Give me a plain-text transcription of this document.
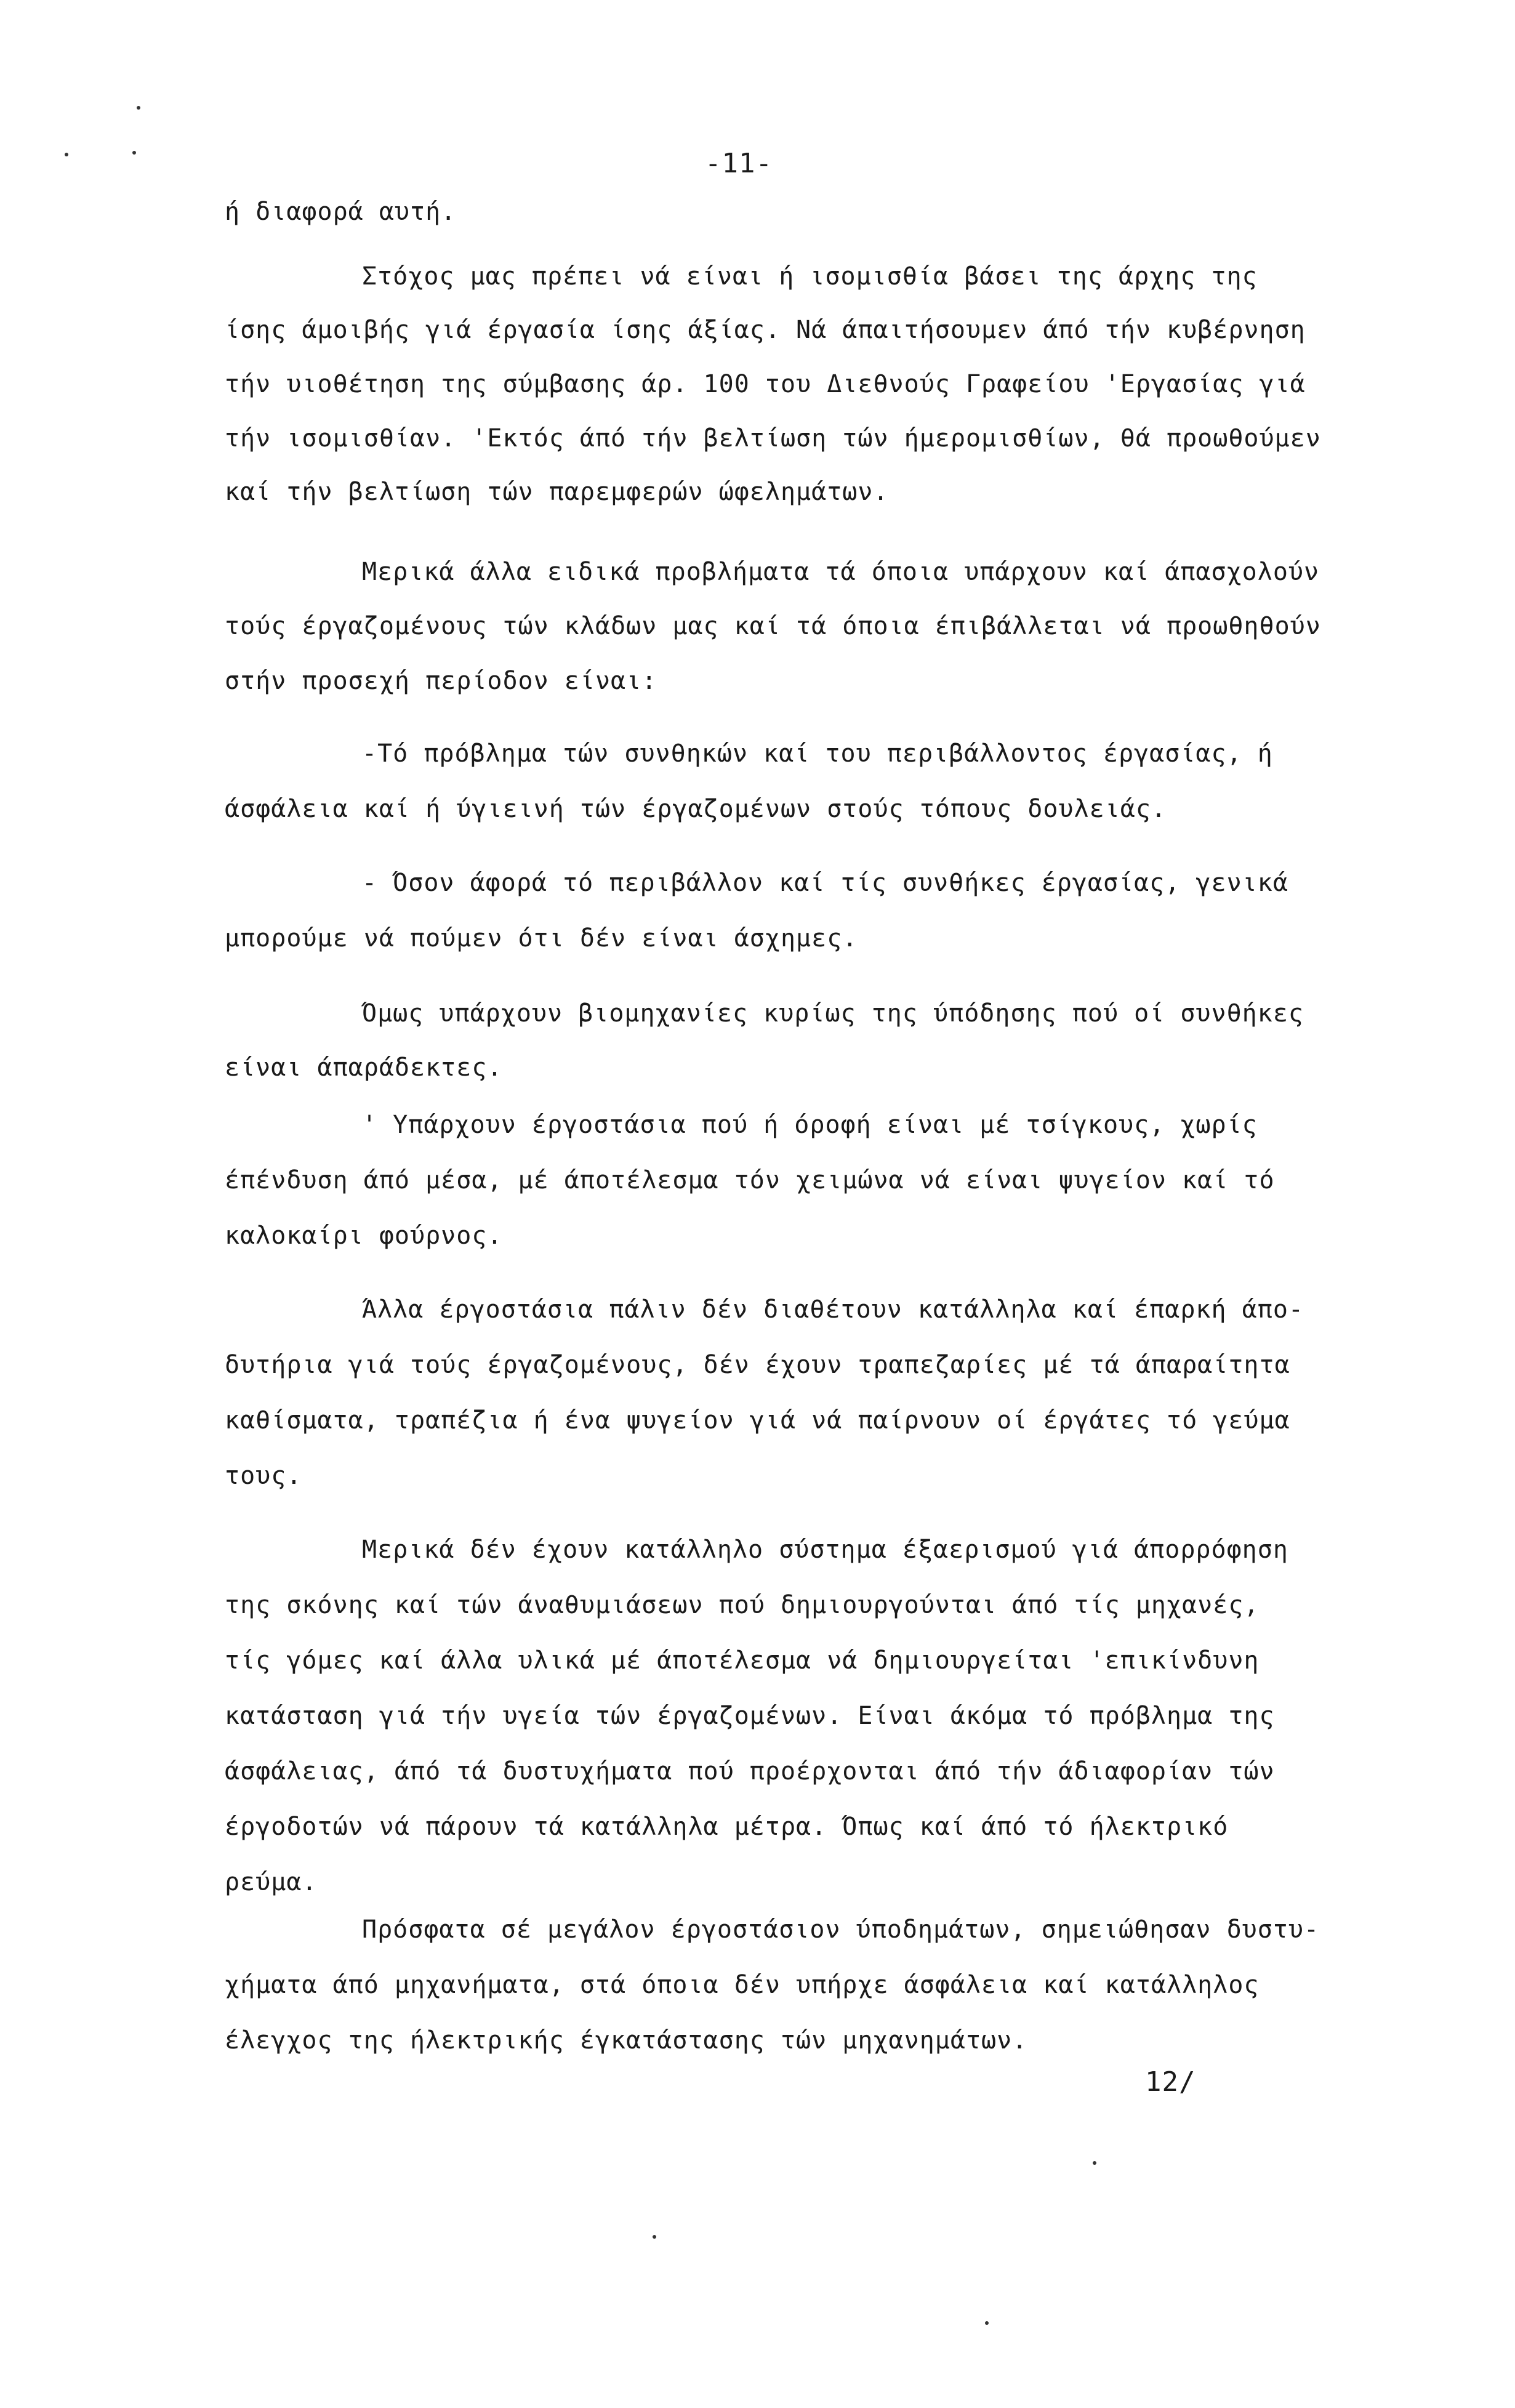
-11-
ή διαφορά αυτή.
Στόχος μας πρέπει νά είναι ή ισομισθία βάσει της άρχης της
ίσης άμοιβής γιά έργασία ίσης άξίας. Νά άπαιτήσουμεν άπό τήν κυβέρνηση
τήν υιοθέτηση της σύμβασης άρ. 100 του Διεθνούς Γραφείου 'Εργασίας γιά
τήν ισομισθίαν. 'Εκτός άπό τήν βελτίωση τών ήμερομισθίων, θά προωθούμεν
καί τήν βελτίωση τών παρεμφερών ώφελημάτων.
Μερικά άλλα ειδικά προβλήματα τά όποια υπάρχουν καί άπασχολούν
τούς έργαζομένους τών κλάδων μας καί τά όποια έπιβάλλεται νά προωθηθούν
στήν προσεχή περίοδον είναι:
-Τό πρόβλημα τών συνθηκών καί του περιβάλλοντος έργασίας, ή
άσφάλεια καί ή ύγιεινή τών έργαζομένων στούς τόπους δουλειάς.
- Όσον άφορά τό περιβάλλον καί τίς συνθήκες έργασίας, γενικά
μπορούμε νά πούμεν ότι δέν είναι άσχημες.
Όμως υπάρχουν βιομηχανίες κυρίως της ύπόδησης πού οί συνθήκες
είναι άπαράδεκτες.
' Υπάρχουν έργοστάσια πού ή όροφή είναι μέ τσίγκους, χωρίς
έπένδυση άπό μέσα, μέ άποτέλεσμα τόν χειμώνα νά είναι ψυγείον καί τό
καλοκαίρι φούρνος.
Άλλα έργοστάσια πάλιν δέν διαθέτουν κατάλληλα καί έπαρκή άπο-
δυτήρια γιά τούς έργαζομένους, δέν έχουν τραπεζαρίες μέ τά άπαραίτητα
καθίσματα, τραπέζια ή ένα ψυγείον γιά νά παίρνουν οί έργάτες τό γεύμα
τους.
Μερικά δέν έχουν κατάλληλο σύστημα έξαερισμού γιά άπορρόφηση
της σκόνης καί τών άναθυμιάσεων πού δημιουργούνται άπό τίς μηχανές,
τίς γόμες καί άλλα υλικά μέ άποτέλεσμα νά δημιουργείται 'επικίνδυνη
κατάσταση γιά τήν υγεία τών έργαζομένων. Είναι άκόμα τό πρόβλημα της
άσφάλειας, άπό τά δυστυχήματα πού προέρχονται άπό τήν άδιαφορίαν τών
έργοδοτών νά πάρουν τά κατάλληλα μέτρα. Όπως καί άπό τό ήλεκτρικό
ρεύμα.
Πρόσφατα σέ μεγάλον έργοστάσιον ύποδημάτων, σημειώθησαν δυστυ-
χήματα άπό μηχανήματα, στά όποια δέν υπήρχε άσφάλεια καί κατάλληλος
έλεγχος της ήλεκτρικής έγκατάστασης τών μηχανημάτων.
12/
